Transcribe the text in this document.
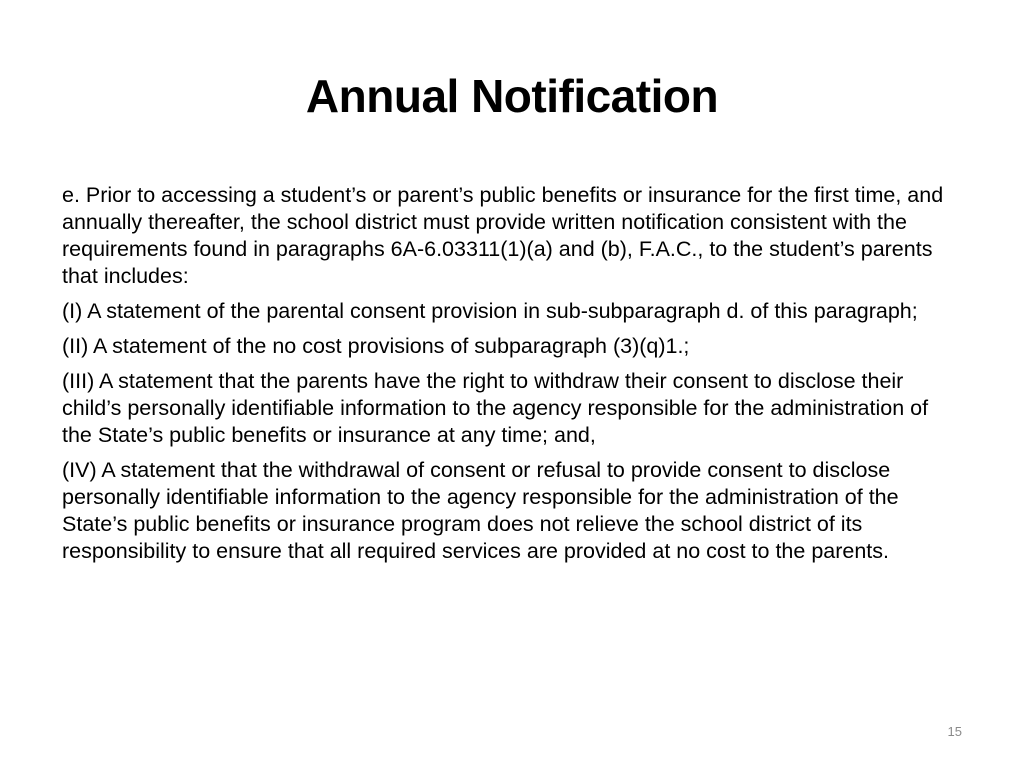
Annual Notification

e. Prior to accessing a student’s or parent’s public benefits or insurance for the first time, and annually thereafter, the school district must provide written notification consistent with the requirements found in paragraphs 6A-6.03311(1)(a) and (b), F.A.C., to the student’s parents that includes:

(I) A statement of the parental consent provision in sub-subparagraph d. of this paragraph;

(II) A statement of the no cost provisions of subparagraph (3)(q)1.;

(III) A statement that the parents have the right to withdraw their consent to disclose their child’s personally identifiable information to the agency responsible for the administration of the State’s public benefits or insurance at any time; and,

(IV) A statement that the withdrawal of consent or refusal to provide consent to disclose personally identifiable information to the agency responsible for the administration of the State’s public benefits or insurance program does not relieve the school district of its responsibility to ensure that all required services are provided at no cost to the parents.

15
